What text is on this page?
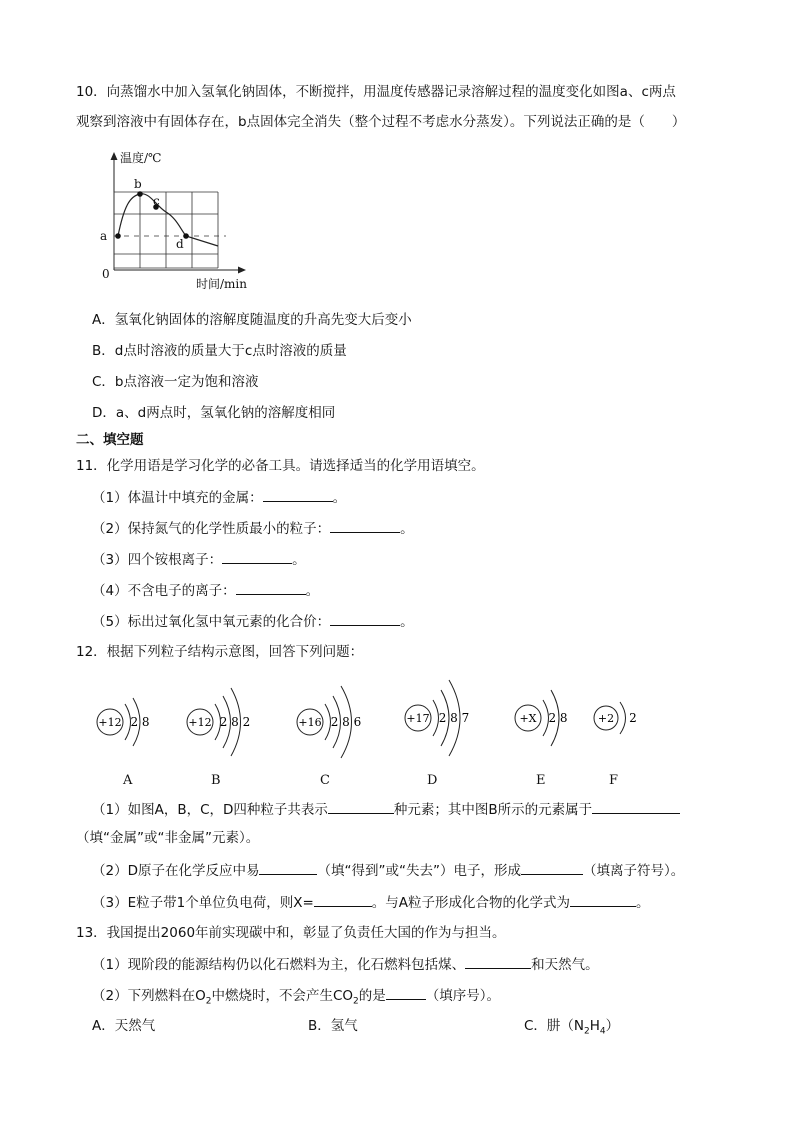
10．向蒸馏水中加入氢氧化钠固体，不断搅拌，用温度传感器记录溶解过程的温度变化如图a、c两点
观察到溶液中有固体存在，b点固体完全消失（整个过程不考虑水分蒸发）。下列说法正确的是（　　）
温度/℃
时间/min
0
a
b
c
d
A．氢氧化钠固体的溶解度随温度的升高先变大后变小
B．d点时溶液的质量大于c点时溶液的质量
C．b点溶液一定为饱和溶液
D．a、d两点时，氢氧化钠的溶解度相同
二、填空题
11．化学用语是学习化学的必备工具。请选择适当的化学用语填空。
（1）体温计中填充的金属：	。
（2）保持氮气的化学性质最小的粒子：	。
（3）四个铵根离子：	。
（4）不含电子的离子：	。
（5）标出过氧化氢中氧元素的化合价：	。
12．根据下列粒子结构示意图，回答下列问题：
+12 2 8	+12 2 8 2	+16 2 8 6	+17 2 8 7	+X 2 8	+2 2
A	B	C	D	E	F
（1）如图A，B，C，D四种粒子共表示	种元素；其中图B所示的元素属于
（填“金属”或“非金属”元素）。
（2）D原子在化学反应中易	（填“得到”或“失去”）电子，形成	（填离子符号）。
（3）E粒子带1个单位负电荷，则X=	。与A粒子形成化合物的化学式为	。
13．我国提出2060年前实现碳中和，彰显了负责任大国的作为与担当。
（1）现阶段的能源结构仍以化石燃料为主，化石燃料包括煤、	和天然气。
（2）下列燃料在$O_2$中燃烧时，不会产生$CO_2$的是	（填序号）。
A．天然气	B．氢气	C．肼$(N_2H_4)$
